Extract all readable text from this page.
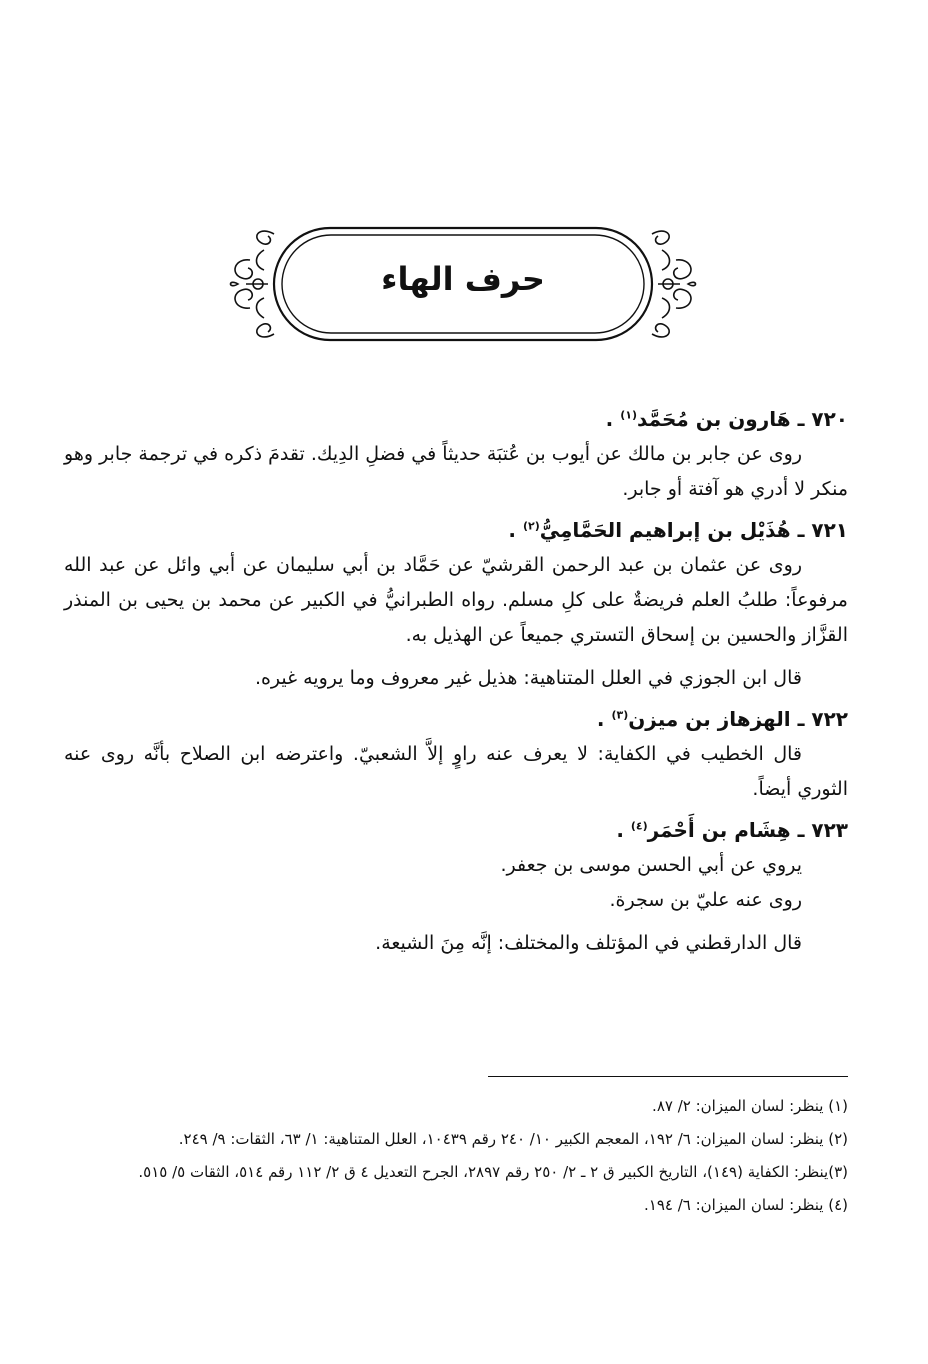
حرف الهاء

٧٢٠ ـ هَارون بن مُحَمَّد$^{(١)}$ .

روى عن جابر بن مالك عن أيوب بن عُتبَة حديثاً في فضلِ الدِيك. تقدمَ ذكره في ترجمة جابر وهو منكر لا أدري هو آفتة أو جابر.

٧٢١ ـ هُذَيْل بن إبراهيم الحَمَّامِيُّ$^{(٢)}$ .

روى عن عثمان بن عبد الرحمن القرشيّ عن حَمَّاد بن أبي سليمان عن أبي وائل عن عبد الله مرفوعاً: طلبُ العلم فريضةٌ على كلِ مسلم. رواه الطبرانيُّ في الكبير عن محمد بن يحيى بن المنذر القزَّاز والحسين بن إسحاق التستري جميعاً عن الهذيل به.

قال ابن الجوزي في العلل المتناهية: هذيل غير معروف وما يرويه غيره.

٧٢٢ ـ الهزهاز بن ميزن$^{(٣)}$ .

قال الخطيب في الكفاية: لا يعرف عنه راوٍ إلاَّ الشعبيّ. واعترضه ابن الصلاح بأنَّه روى عنه الثوري أيضاً.

٧٢٣ ـ هِشَام بن أَحْمَر$^{(٤)}$ .

يروي عن أبي الحسن موسى بن جعفر.

روى عنه عليّ بن سجرة.

قال الدارقطني في المؤتلف والمختلف: إنَّه مِنَ الشيعة.

(١) ينظر: لسان الميزان: ٢/ ٨٧.

(٢) ينظر: لسان الميزان: ٦/ ١٩٢، المعجم الكبير ١٠/ ٢٤٠ رقم ١٠٤٣٩، العلل المتناهية: ١/ ٦٣، الثقات: ٩/ ٢٤٩.

(٣)ينظر: الكفاية (١٤٩)، التاريخ الكبير ق ٢ ـ ٢/ ٢٥٠ رقم ٢٨٩٧، الجرح التعديل ٤ ق ٢/ ١١٢ رقم ٥١٤، الثقات ٥/ ٥١٥.

(٤) ينظر: لسان الميزان: ٦/ ١٩٤.
